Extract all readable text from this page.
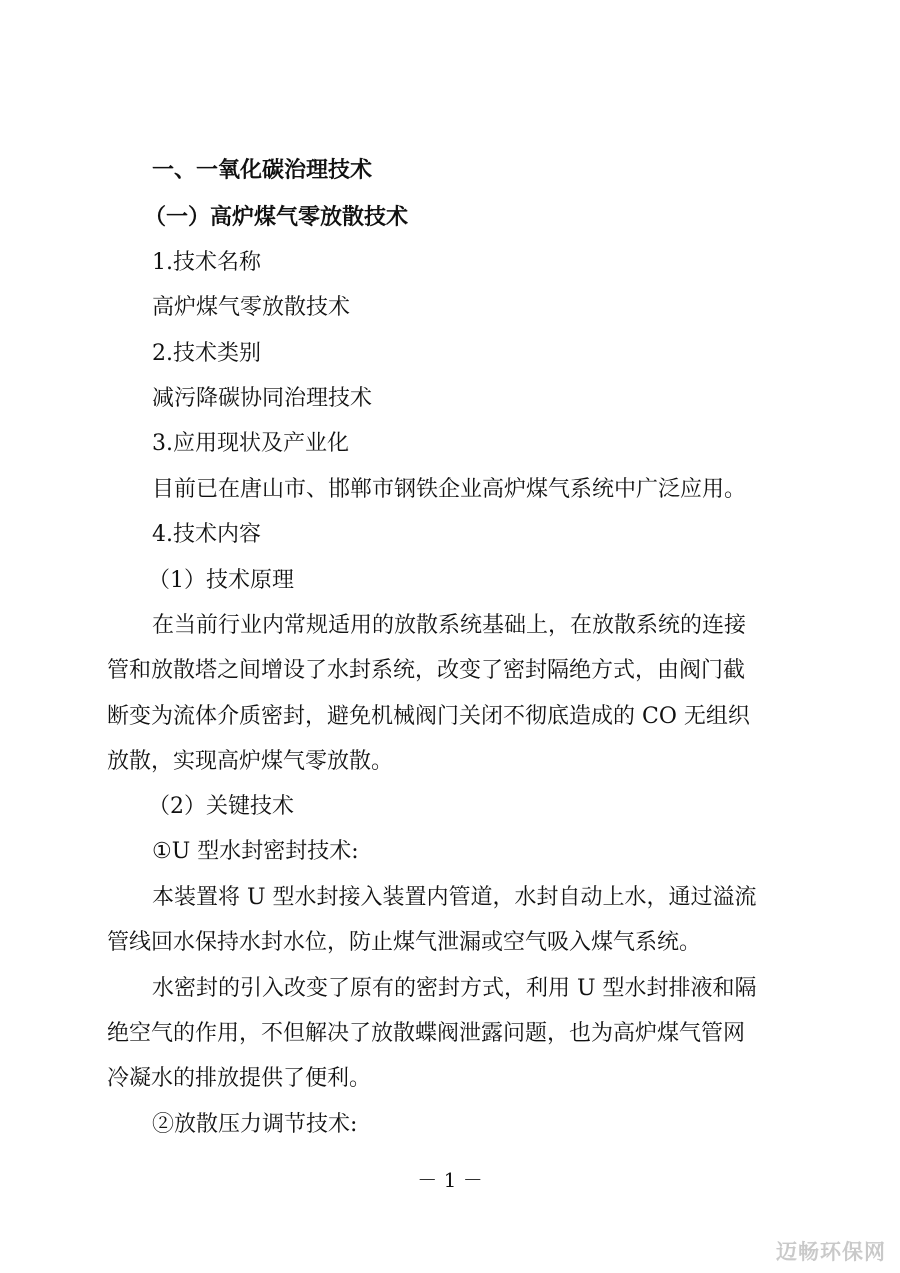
一、一氧化碳治理技术
（一）高炉煤气零放散技术
1.技术名称
高炉煤气零放散技术
2.技术类别
减污降碳协同治理技术
3.应用现状及产业化
目前已在唐山市、邯郸市钢铁企业高炉煤气系统中广泛应用。
4.技术内容
（1）技术原理
在当前行业内常规适用的放散系统基础上，在放散系统的连接
管和放散塔之间增设了水封系统，改变了密封隔绝方式，由阀门截
断变为流体介质密封，避免机械阀门关闭不彻底造成的 CO 无组织
放散，实现高炉煤气零放散。
（2）关键技术
①U 型水封密封技术:
本装置将 U 型水封接入装置内管道，水封自动上水，通过溢流
管线回水保持水封水位，防止煤气泄漏或空气吸入煤气系统。
水密封的引入改变了原有的密封方式，利用 U 型水封排液和隔
绝空气的作用，不但解决了放散蝶阀泄露问题，也为高炉煤气管网
冷凝水的排放提供了便利。
②放散压力调节技术:
－ 1 －
迈畅环保网
